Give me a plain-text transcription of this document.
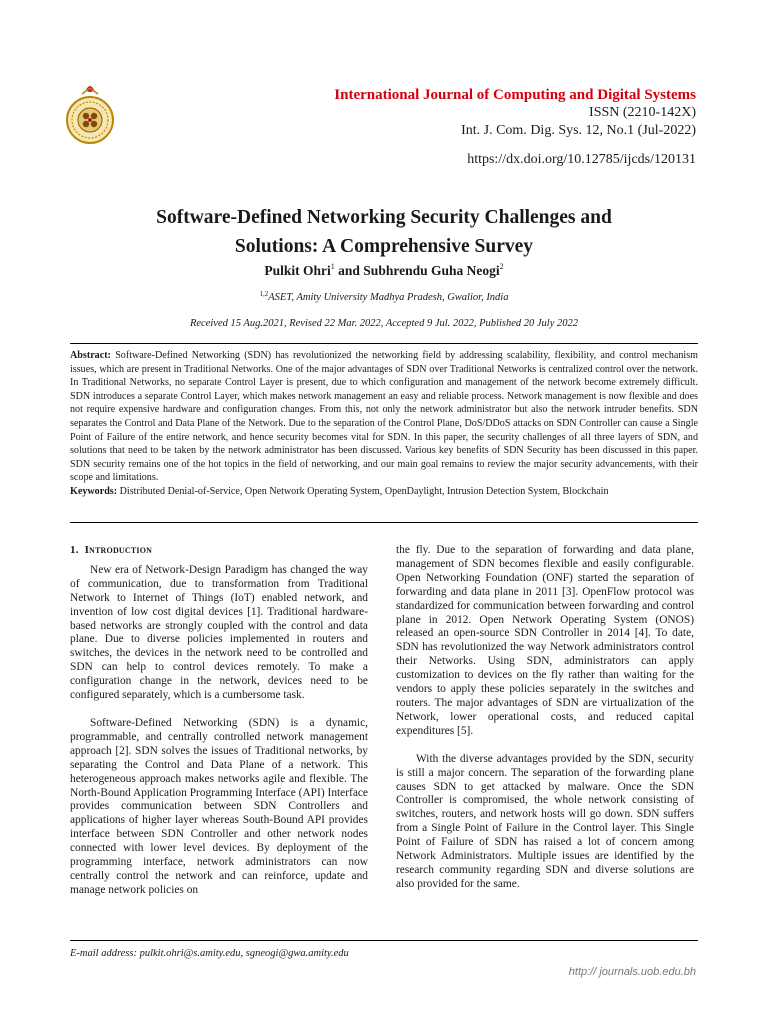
International Journal of Computing and Digital Systems
ISSN (2210-142X)
Int. J. Com. Dig. Sys. 12, No.1 (Jul-2022)
https://dx.doi.org/10.12785/ijcds/120131
Software-Defined Networking Security Challenges and
Solutions: A Comprehensive Survey
Pulkit Ohri$^1$ and Subhrendu Guha Neogi$^2$
$^{1,2}$ASET, Amity University Madhya Pradesh, Gwalior, India
Received 15 Aug.2021, Revised 22 Mar. 2022, Accepted 9 Jul. 2022, Published 20 July 2022
Abstract: Software-Defined Networking (SDN) has revolutionized the networking field by addressing scalability, flexibility, and control mechanism issues, which are present in Traditional Networks. One of the major advantages of SDN over Traditional Networks is centralized control over the network. In Traditional Networks, no separate Control Layer is present, due to which configuration and management of the network become extremely difficult. SDN introduces a separate Control Layer, which makes network management an easy and reliable process. Network management is now flexible and does not require expensive hardware and configuration changes. From this, not only the network administrator but also the network intruder benefits. SDN separates the Control and Data Plane of the Network. Due to the separation of the Control Plane, DoS/DDoS attacks on SDN Controller can cause a Single Point of Failure of the entire network, and hence security becomes vital for SDN. In this paper, the security challenges of all three layers of SDN, and solutions that need to be taken by the network administrator has been discussed. Various key benefits of SDN Security has been discussed in this paper. SDN security remains one of the hot topics in the field of networking, and our main goal remains to review the major security advancements, with their scope and limitations.
Keywords: Distributed Denial-of-Service, Open Network Operating System, OpenDaylight, Intrusion Detection System, Blockchain
1. Introduction

New era of Network-Design Paradigm has changed the way of communication, due to transformation from Traditional Network to Internet of Things (IoT) enabled network, and invention of low cost digital devices [1]. Traditional hardware-based networks are strongly coupled with the control and data plane. Due to diverse policies implemented in routers and switches, the devices in the network need to be controlled and SDN can help to control devices remotely. To make a configuration change in the network, devices need to be configured separately, which is a cumbersome task.

Software-Defined Networking (SDN) is a dynamic, programmable, and centrally controlled network management approach [2]. SDN solves the issues of Traditional networks, by separating the Control and Data Plane of a network. This heterogeneous approach makes networks agile and flexible. The North-Bound Application Programming Interface (API) Interface provides communication between SDN Controllers and applications of higher layer whereas South-Bound API provides interface between SDN Controller and other network nodes connected with lower level devices. By deployment of the programming interface, network administrators can now centrally control the network and can reinforce, update and manage network policies on

the fly. Due to the separation of forwarding and data plane, management of SDN becomes flexible and easily configurable. Open Networking Foundation (ONF) started the separation of forwarding and data plane in 2011 [3]. OpenFlow protocol was standardized for communication between forwarding and control plane in 2012. Open Network Operating System (ONOS) released an open-source SDN Controller in 2014 [4]. To date, SDN has revolutionized the way Network administrators control their Networks. Using SDN, administrators can apply customization to devices on the fly rather than waiting for the vendors to apply these policies separately in the switches and routers. The major advantages of SDN are virtualization of the Network, lower operational costs, and reduced capital expenditures [5].

With the diverse advantages provided by the SDN, security is still a major concern. The separation of the forwarding plane causes SDN to get attacked by malware. Once the SDN Controller is compromised, the whole network consisting of switches, routers, and network hosts will go down. SDN suffers from a Single Point of Failure in the Control layer. This Single Point of Failure of SDN has raised a lot of concern among Network Administrators. Multiple issues are identified by the research community regarding SDN and diverse solutions are also provided for the same.

E-mail address: pulkit.ohri@s.amity.edu, sgneogi@gwa.amity.edu
http:// journals.uob.edu.bh
